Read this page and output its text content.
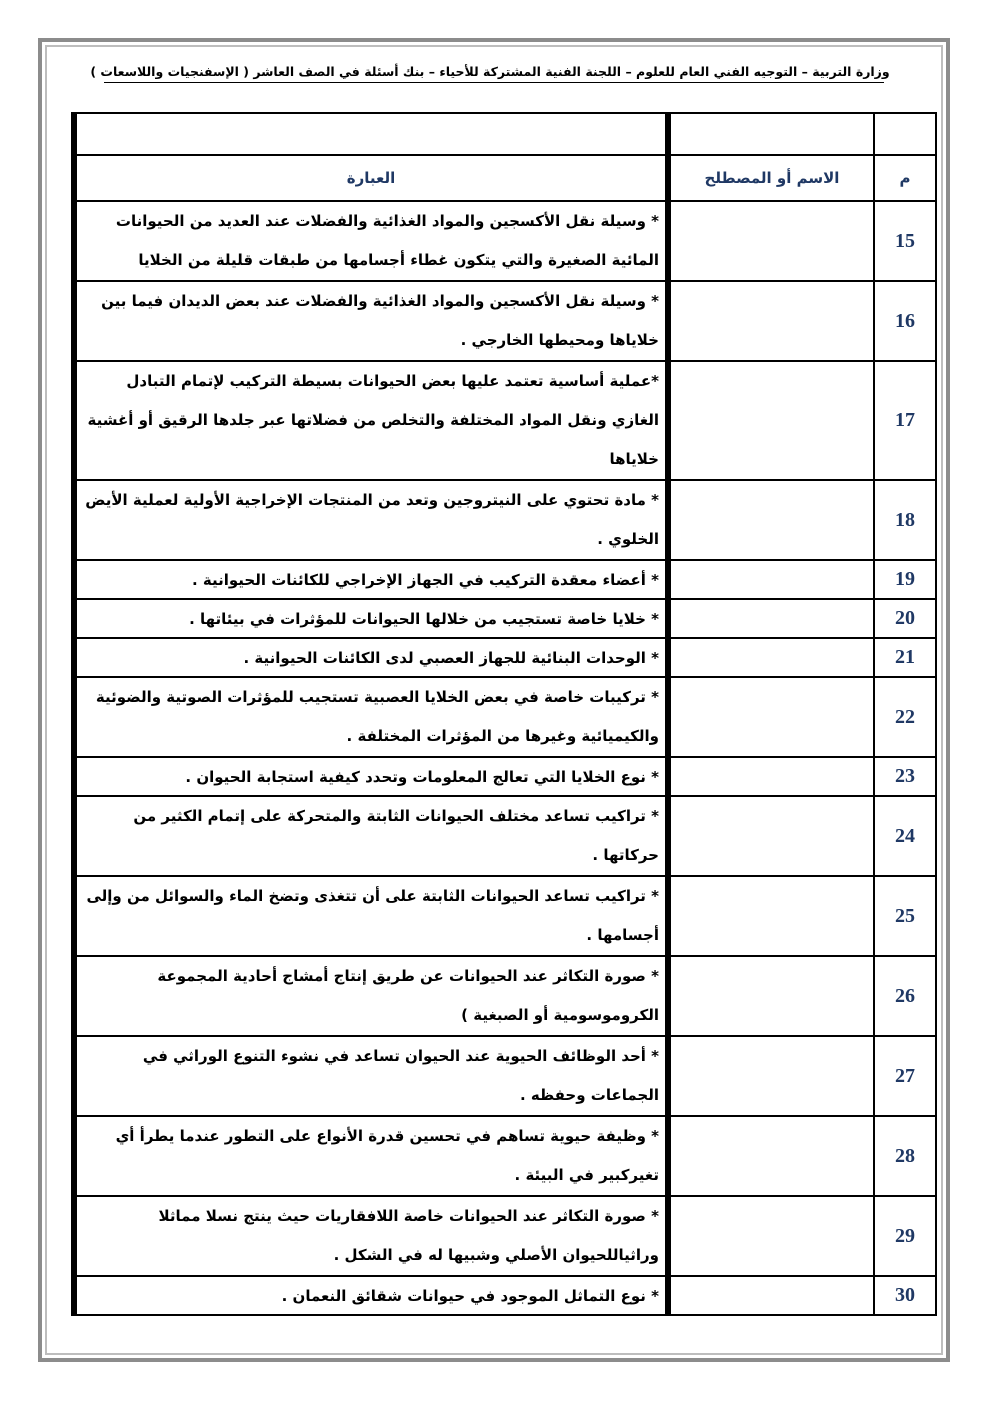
وزارة التربية – التوجيه الفني العام للعلوم – اللجنة الفنية المشتركة للأحياء – بنك أسئلة في الصف العاشر ( الإسفنجيات واللاسعات )

م	الاسم أو المصطلح	العبارة
15		* وسيلة نقل الأكسجين والمواد الغذائية والفضلات عند العديد من الحيوانات المائية الصغيرة والتي يتكون غطاء أجسامها من طبقات قليلة من الخلايا
16		* وسيلة نقل الأكسجين والمواد الغذائية والفضلات عند بعض الديدان فيما بين خلاياها ومحيطها الخارجي .
17		*عملية أساسية تعتمد عليها بعض الحيوانات بسيطة التركيب لإتمام التبادل الغازي ونقل المواد المختلفة والتخلص من فضلاتها عبر جلدها الرقيق أو أغشية خلاياها
18		* مادة تحتوي على النيتروجين وتعد من المنتجات الإخراجية الأولية لعملية الأيض الخلوي .
19		* أعضاء معقدة التركيب في الجهاز الإخراجي للكائنات الحيوانية .
20		* خلايا خاصة تستجيب من خلالها الحيوانات للمؤثرات في بيئاتها .
21		* الوحدات البنائية للجهاز العصبي لدى الكائنات الحيوانية .
22		* تركيبات خاصة في بعض الخلايا العصبية تستجيب للمؤثرات الصوتية والضوئية والكيميائية وغيرها من المؤثرات المختلفة .
23		* نوع الخلايا التي تعالج المعلومات وتحدد كيفية استجابة الحيوان .
24		* تراكيب تساعد مختلف الحيوانات الثابتة والمتحركة على إتمام الكثير من حركاتها .
25		* تراكيب تساعد الحيوانات الثابتة على أن تتغذى وتضخ الماء والسوائل من وإلى أجسامها .
26		* صورة التكاثر عند الحيوانات عن طريق إنتاج أمشاج أحادية المجموعة الكروموسومية أو الصبغية )
27		* أحد الوظائف الحيوية عند الحيوان تساعد في نشوء التنوع الوراثي في الجماعات وحفظه .
28		* وظيفة حيوية تساهم في تحسين قدرة الأنواع على التطور عندما يطرأ أي تغيركبير في البيئة .
29		* صورة التكاثر عند الحيوانات خاصة اللافقاريات حيث ينتج نسلا مماثلا وراثياللحيوان الأصلي وشبيها له في الشكل .
30		* نوع التماثل الموجود في حيوانات شقائق النعمان .
